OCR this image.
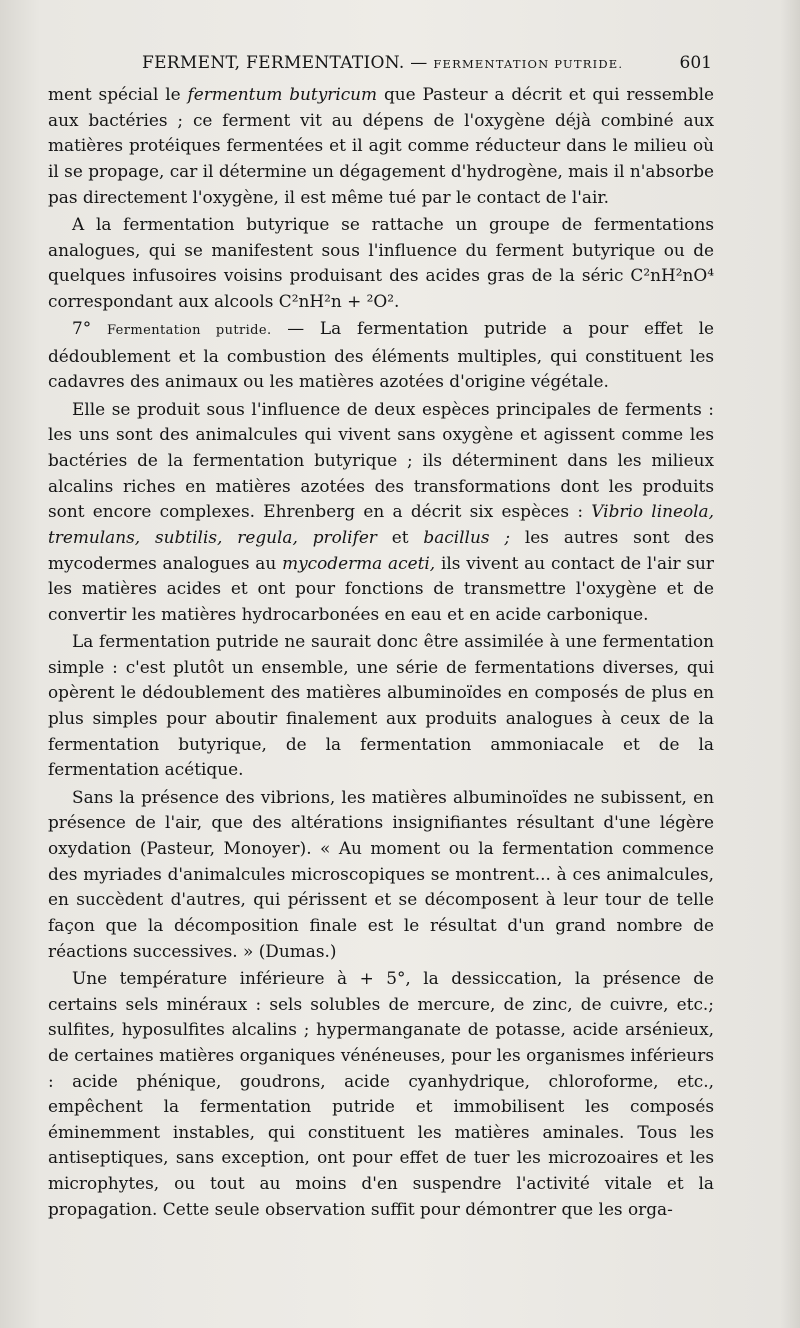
FERMENT, FERMENTATION. — FERMENTATION PUTRIDE.	601

ment spécial le fermentum butyricum que Pasteur a décrit et qui ressemble aux bactéries ; ce ferment vit au dépens de l'oxygène déjà combiné aux matières protéiques fermentées et il agit comme réducteur dans le milieu où il se propage, car il détermine un dégagement d'hydrogène, mais il n'absorbe pas directement l'oxygène, il est même tué par le contact de l'air.

A la fermentation butyrique se rattache un groupe de fermentations analogues, qui se manifestent sous l'influence du ferment butyrique ou de quelques infusoires voisins produisant des acides gras de la séric C²nH²nO⁴ correspondant aux alcools C²nH²n + ²O².

7° Fermentation putride. — La fermentation putride a pour effet le dédoublement et la combustion des éléments multiples, qui constituent les cadavres des animaux ou les matières azotées d'origine végétale.

Elle se produit sous l'influence de deux espèces principales de ferments : les uns sont des animalcules qui vivent sans oxygène et agissent comme les bactéries de la fermentation butyrique ; ils déterminent dans les milieux alcalins riches en matières azotées des transformations dont les produits sont encore complexes. Ehrenberg en a décrit six espèces : Vibrio lineola, tremulans, subtilis, regula, prolifer et bacillus ; les autres sont des mycodermes analogues au mycoderma aceti, ils vivent au contact de l'air sur les matières acides et ont pour fonctions de transmettre l'oxygène et de convertir les matières hydrocarbonées en eau et en acide carbonique.

La fermentation putride ne saurait donc être assimilée à une fermentation simple : c'est plutôt un ensemble, une série de fermentations diverses, qui opèrent le dédoublement des matières albuminoïdes en composés de plus en plus simples pour aboutir finalement aux produits analogues à ceux de la fermentation butyrique, de la fermentation ammoniacale et de la fermentation acétique.

Sans la présence des vibrions, les matières albuminoïdes ne subissent, en présence de l'air, que des altérations insignifiantes résultant d'une légère oxydation (Pasteur, Monoyer). « Au moment ou la fermentation commence des myriades d'animalcules microscopiques se montrent... à ces animalcules, en succèdent d'autres, qui périssent et se décomposent à leur tour de telle façon que la décomposition finale est le résultat d'un grand nombre de réactions successives. » (Dumas.)

Une température inférieure à + 5°, la dessiccation, la présence de certains sels minéraux : sels solubles de mercure, de zinc, de cuivre, etc.; sulfites, hyposulfites alcalins ; hypermanganate de potasse, acide arsénieux, de certaines matières organiques vénéneuses, pour les organismes inférieurs : acide phénique, goudrons, acide cyanhydrique, chloroforme, etc., empêchent la fermentation putride et immobilisent les composés éminemment instables, qui constituent les matières aminales. Tous les antiseptiques, sans exception, ont pour effet de tuer les microzoaires et les microphytes, ou tout au moins d'en suspendre l'activité vitale et la propagation. Cette seule observation suffit pour démontrer que les orga-
